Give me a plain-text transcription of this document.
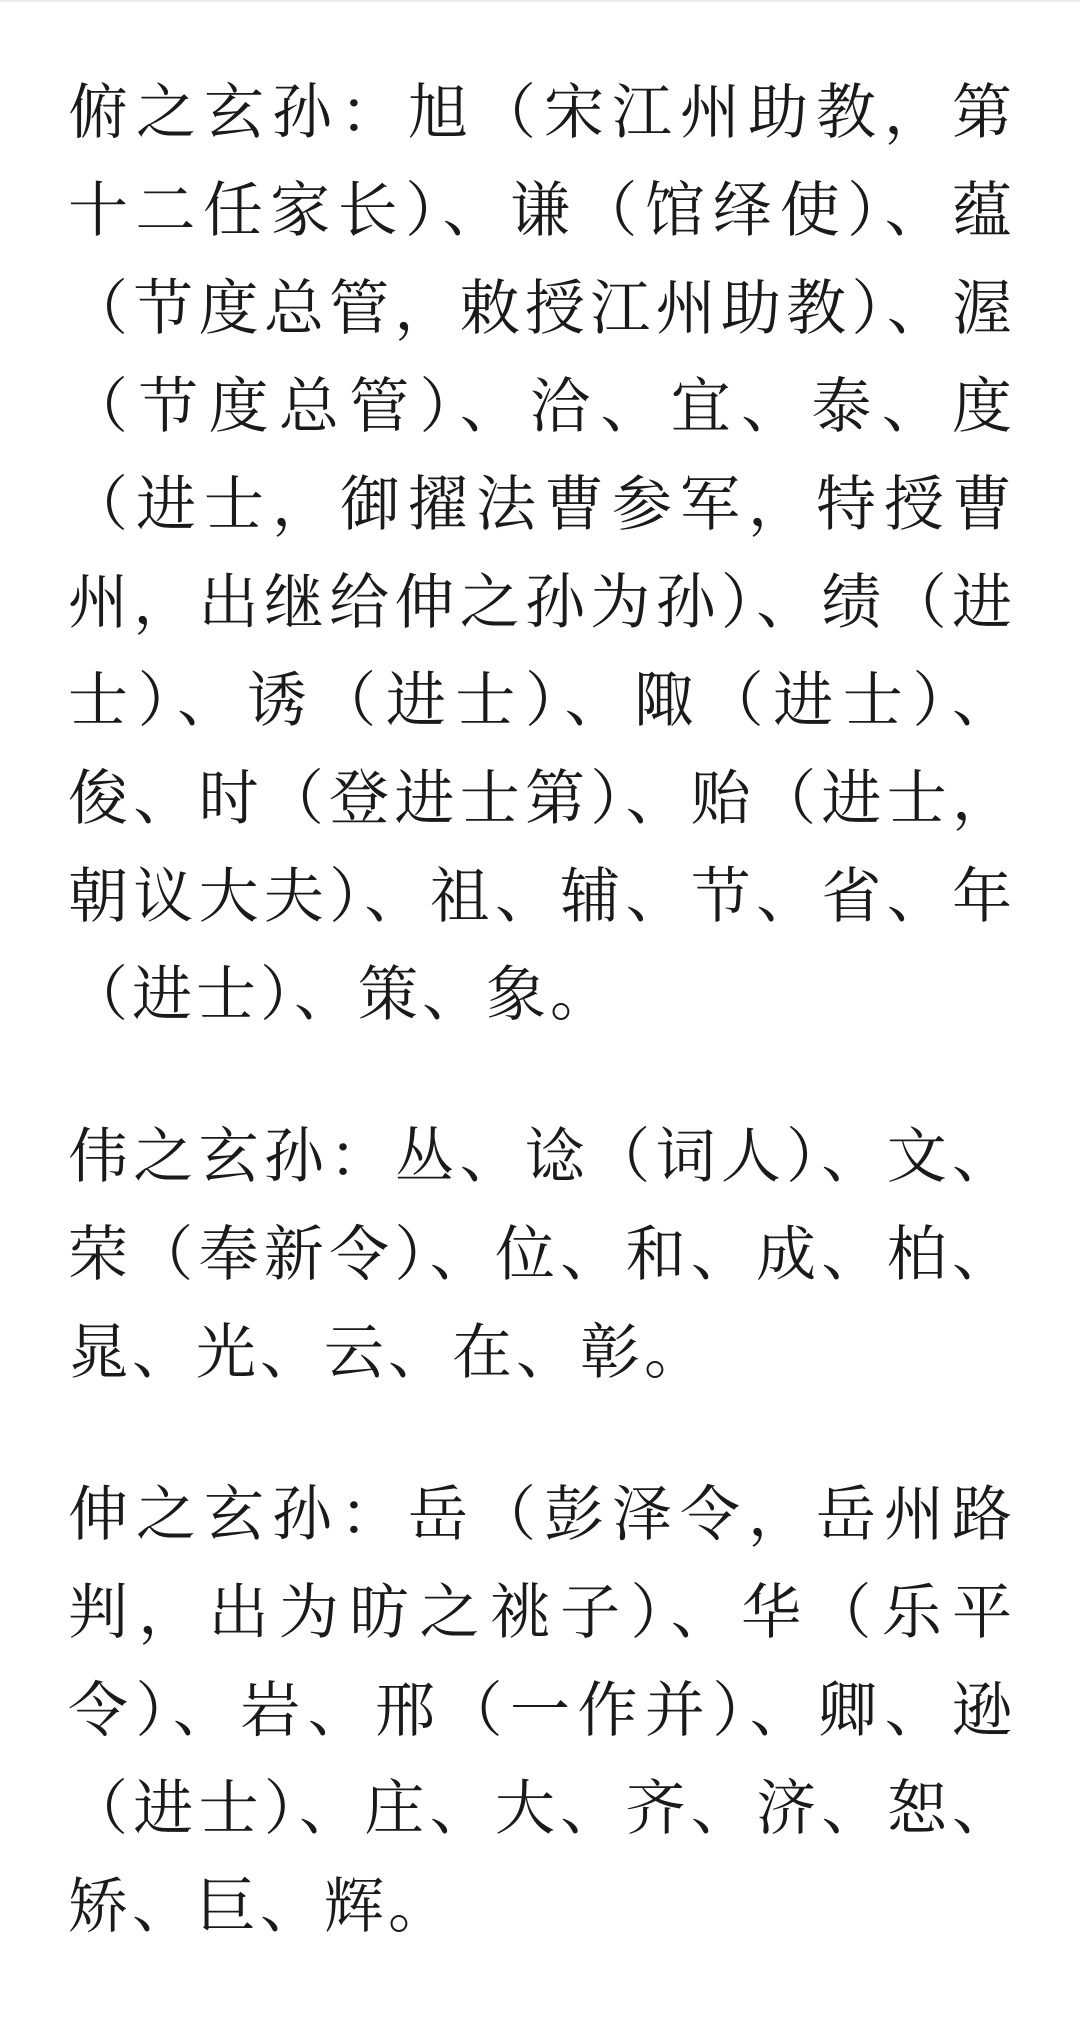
俯之玄孙：旭（宋江州助教，第十二任家长）、谦（馆绎使）、蕴（节度总管，敕授江州助教）、渥（节度总管）、洽、宜、泰、度（进士，御擢法曹参军，特授曹州，出继给伸之孙为孙）、绩（进士）、诱（进士）、陬（进士）、俊、时（登进士第）、贻（进士，朝议大夫）、祖、辅、节、省、年（进士）、策、象。

伟之玄孙：丛、谂（词人）、文、荣（奉新令）、位、和、成、柏、晁、光、云、在、彰。

伸之玄孙：岳（彭泽令，岳州路判，出为昉之祧子）、华（乐平令）、岩、邢（一作并）、卿、逊（进士）、庄、大、齐、济、恕、矫、巨、辉。
